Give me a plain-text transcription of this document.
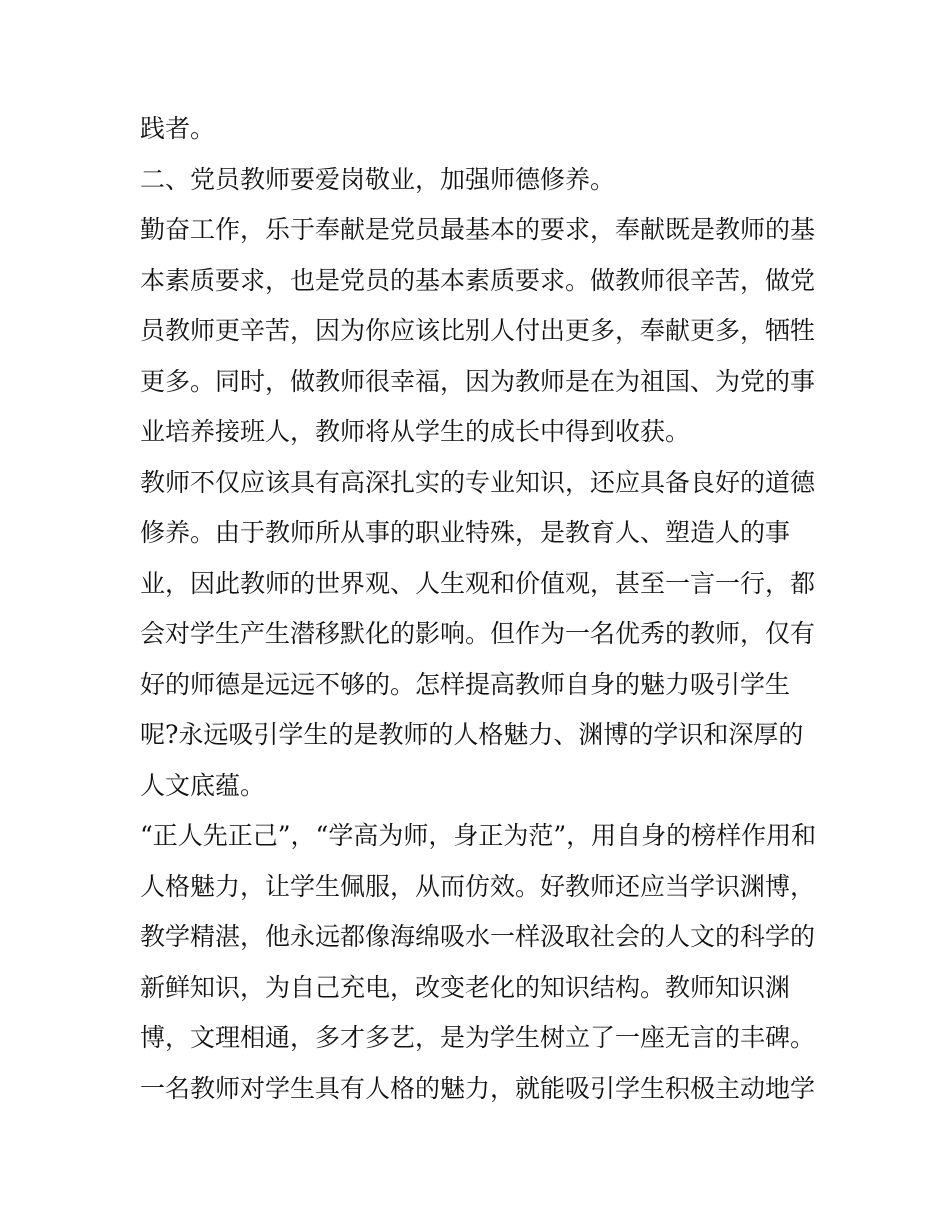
践者。
二、党员教师要爱岗敬业，加强师德修养。
勤奋工作，乐于奉献是党员最基本的要求，奉献既是教师的基
本素质要求，也是党员的基本素质要求。做教师很辛苦，做党
员教师更辛苦，因为你应该比别人付出更多，奉献更多，牺牲
更多。同时，做教师很幸福，因为教师是在为祖国、为党的事
业培养接班人，教师将从学生的成长中得到收获。
教师不仅应该具有高深扎实的专业知识，还应具备良好的道德
修养。由于教师所从事的职业特殊，是教育人、塑造人的事
业，因此教师的世界观、人生观和价值观，甚至一言一行，都
会对学生产生潜移默化的影响。但作为一名优秀的教师，仅有
好的师德是远远不够的。怎样提高教师自身的魅力吸引学生
呢?永远吸引学生的是教师的人格魅力、渊博的学识和深厚的
人文底蕴。
“正人先正己”，“学高为师，身正为范”，用自身的榜样作用和
人格魅力，让学生佩服，从而仿效。好教师还应当学识渊博，
教学精湛，他永远都像海绵吸水一样汲取社会的人文的科学的
新鲜知识，为自己充电，改变老化的知识结构。教师知识渊
博，文理相通，多才多艺，是为学生树立了一座无言的丰碑。
一名教师对学生具有人格的魅力，就能吸引学生积极主动地学
